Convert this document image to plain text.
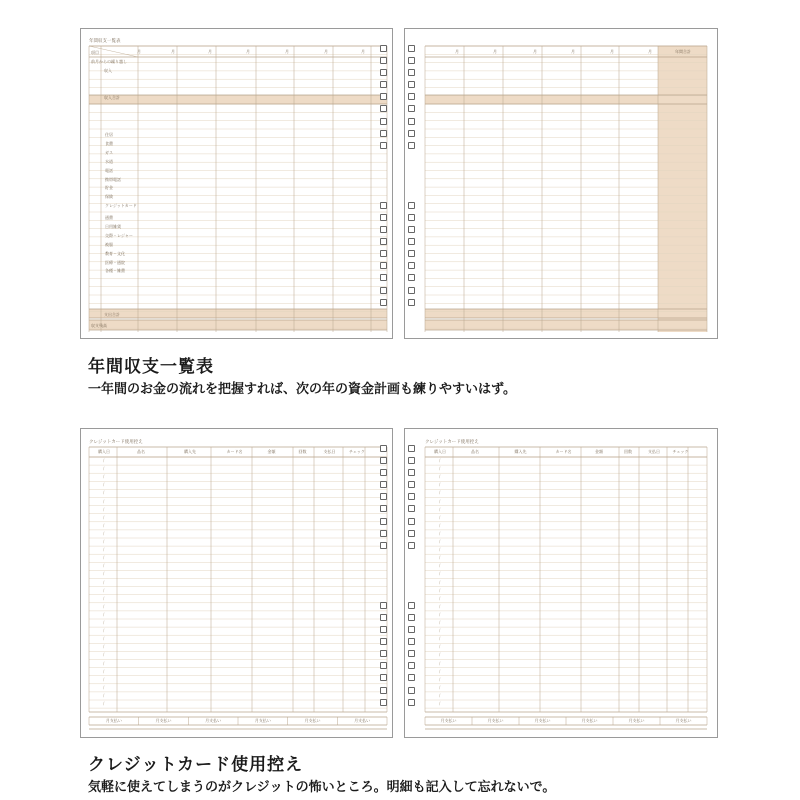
年間収支一覧表
項目	月	月	月	月	月	月	月
前月からの繰り越し
収入
収入合計
住居
食費
ガス
水道
電話
携帯電話
貯金
保険
クレジットカード
通費
日用雑貨
交際・レジャー
被服
教育・文化
医療・通院
各種・雑費
支出合計
収支残高
月	月	月	月	月	月	年間合計
年間収支一覧表
一年間のお金の流れを把握すれば、次の年の資金計画も練りやすいはず。
クレジットカード使用控え
購入日	品名	購入先	カード名	金額	回数	支払日	チェック
/
/
/
/
/
/
/
/
/
/
/
/
/
/
/
/
/
/
/
/
/
/
/
/
/
/
/
/
/
/
/
月支払い	月支払い	月支払い	月支払い	月支払い	月支払い
クレジットカード使用控え
購入日	品名	購入先	カード名	金額	回数	支払日	チェック
/
/
/
/
/
/
/
/
/
/
/
/
/
/
/
/
/
/
/
/
/
/
/
/
/
/
/
/
/
/
/
月支払い	月支払い	月支払い	月支払い	月支払い	月支払い
クレジットカード使用控え
気軽に使えてしまうのがクレジットの怖いところ。明細も記入して忘れないで。
